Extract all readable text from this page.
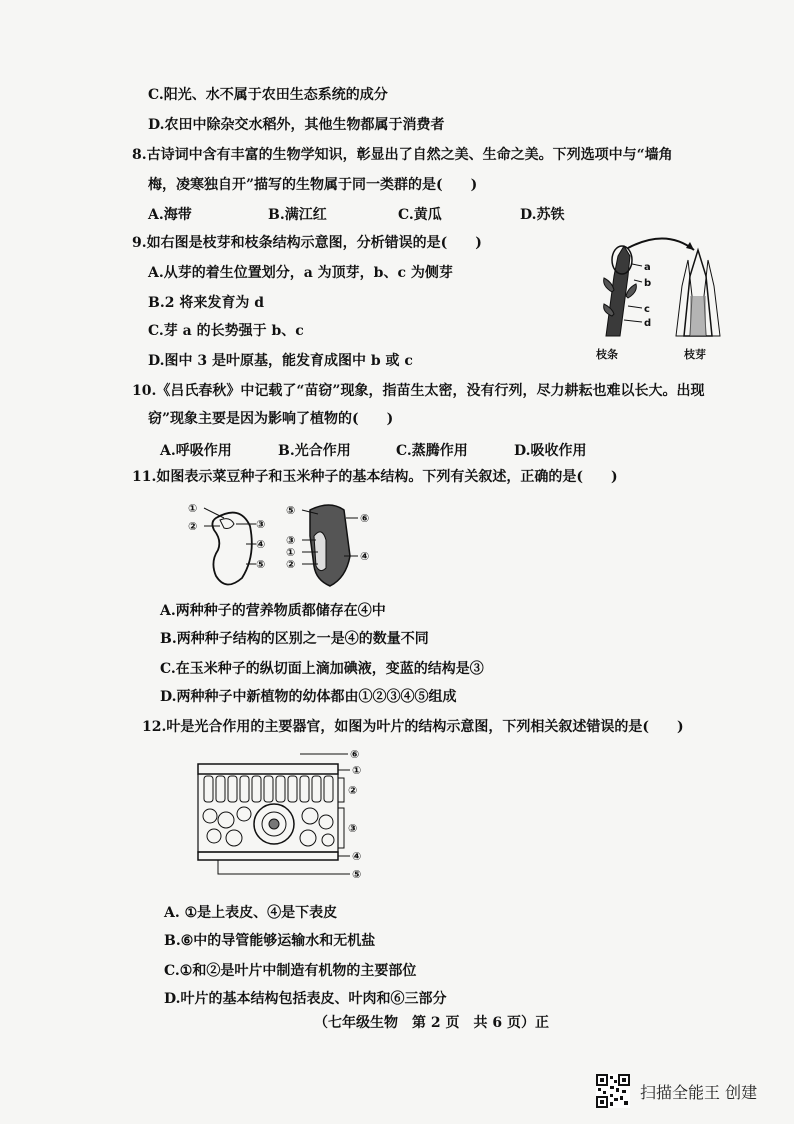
C.阳光、水不属于农田生态系统的成分
D.农田中除杂交水稻外，其他生物都属于消费者
8.古诗词中含有丰富的生物学知识，彰显出了自然之美、生命之美。下列选项中与“墙角
梅，凌寒独自开”描写的生物属于同一类群的是(　　)
A.海带	B.满江红	C.黄瓜	D.苏铁
9.如右图是枝芽和枝条结构示意图，分析错误的是(　　)
A.从芽的着生位置划分，a 为顶芽，b、c 为侧芽
B.2 将来发育为 d
C.芽 a 的长势强于 b、c
D.图中 3 是叶原基，能发育成图中 b 或 c
a
b
c
d
枝条	枝芽
10.《吕氏春秋》中记载了“苗窃”现象，指苗生太密，没有行列，尽力耕耘也难以长大。出现
窃”现象主要是因为影响了植物的(　　)
A.呼吸作用	B.光合作用	C.蒸腾作用	D.吸收作用
11.如图表示菜豆种子和玉米种子的基本结构。下列有关叙述，正确的是(　　)
①
②	③
④
⑤
⑤
③
①
②
⑥
④
A.两种种子的营养物质都储存在④中
B.两种种子结构的区别之一是④的数量不同
C.在玉米种子的纵切面上滴加碘液，变蓝的结构是③
D.两种种子中新植物的幼体都由①②③④⑤组成
12.叶是光合作用的主要器官，如图为叶片的结构示意图，下列相关叙述错误的是(　　)
⑥
①
②
③
④
⑤
A. ①是上表皮、④是下表皮
B.⑥中的导管能够运输水和无机盐
C.①和②是叶片中制造有机物的主要部位
D.叶片的基本结构包括表皮、叶肉和⑥三部分
（七年级生物　第 2 页　共 6 页）正
扫描全能王 创建
